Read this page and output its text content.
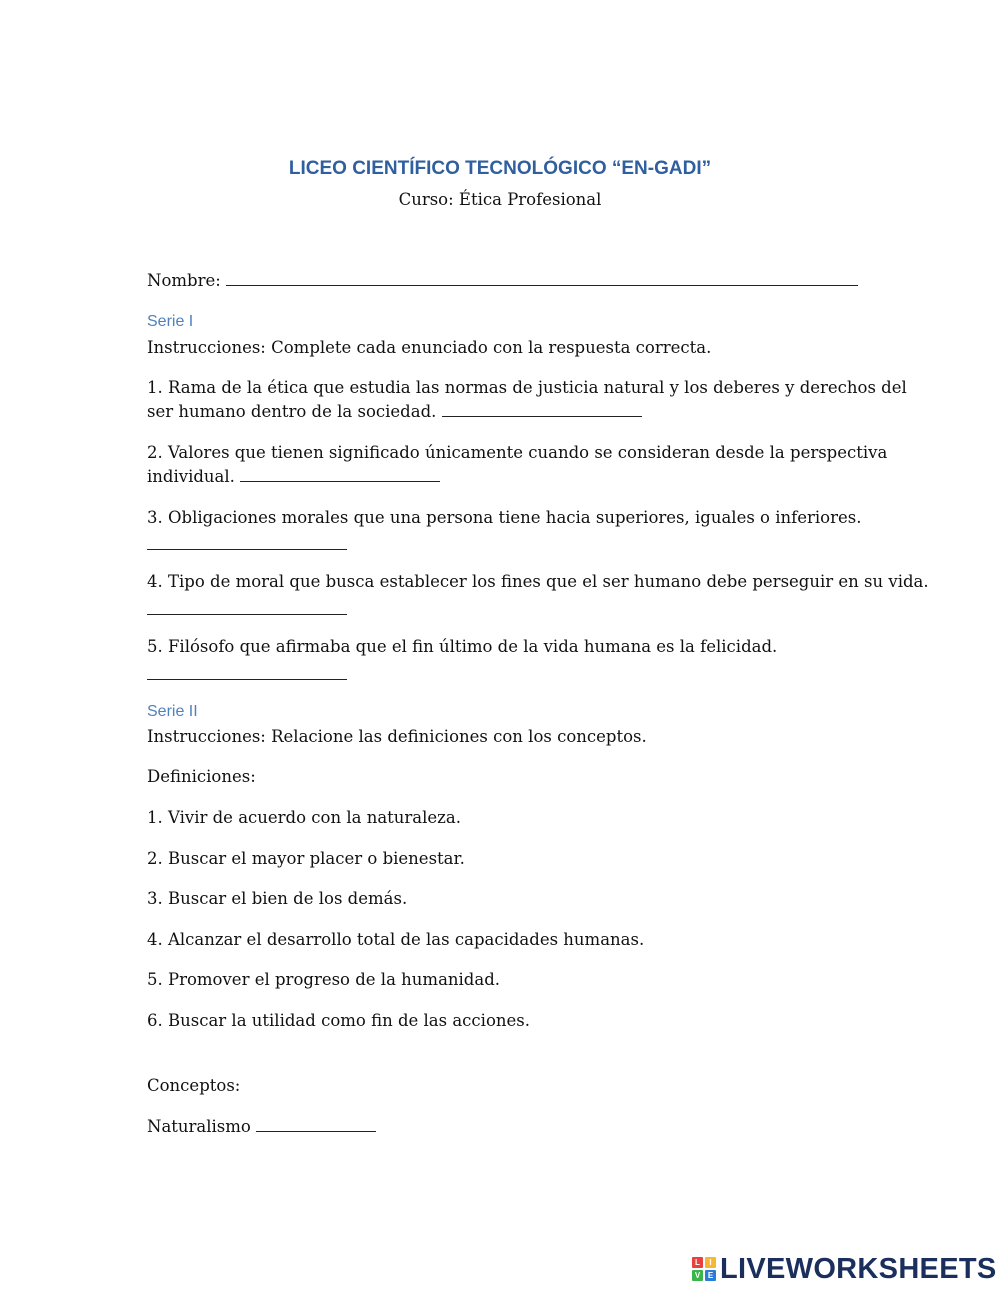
LICEO CIENTÍFICO TECNOLÓGICO “EN-GADI”
Curso: Ética Profesional
Nombre:
Serie I
Instrucciones: Complete cada enunciado con la respuesta correcta.
1. Rama de la ética que estudia las normas de justicia natural y los deberes y derechos del
ser humano dentro de la sociedad.
2. Valores que tienen significado únicamente cuando se consideran desde la perspectiva
individual.
3. Obligaciones morales que una persona tiene hacia superiores, iguales o inferiores.
4. Tipo de moral que busca establecer los fines que el ser humano debe perseguir en su vida.
5. Filósofo que afirmaba que el fin último de la vida humana es la felicidad.
Serie II
Instrucciones: Relacione las definiciones con los conceptos.
Definiciones:
1. Vivir de acuerdo con la naturaleza.
2. Buscar el mayor placer o bienestar.
3. Buscar el bien de los demás.
4. Alcanzar el desarrollo total de las capacidades humanas.
5. Promover el progreso de la humanidad.
6. Buscar la utilidad como fin de las acciones.
Conceptos:
Naturalismo
L	I
V E LIVEWORKSHEETS
